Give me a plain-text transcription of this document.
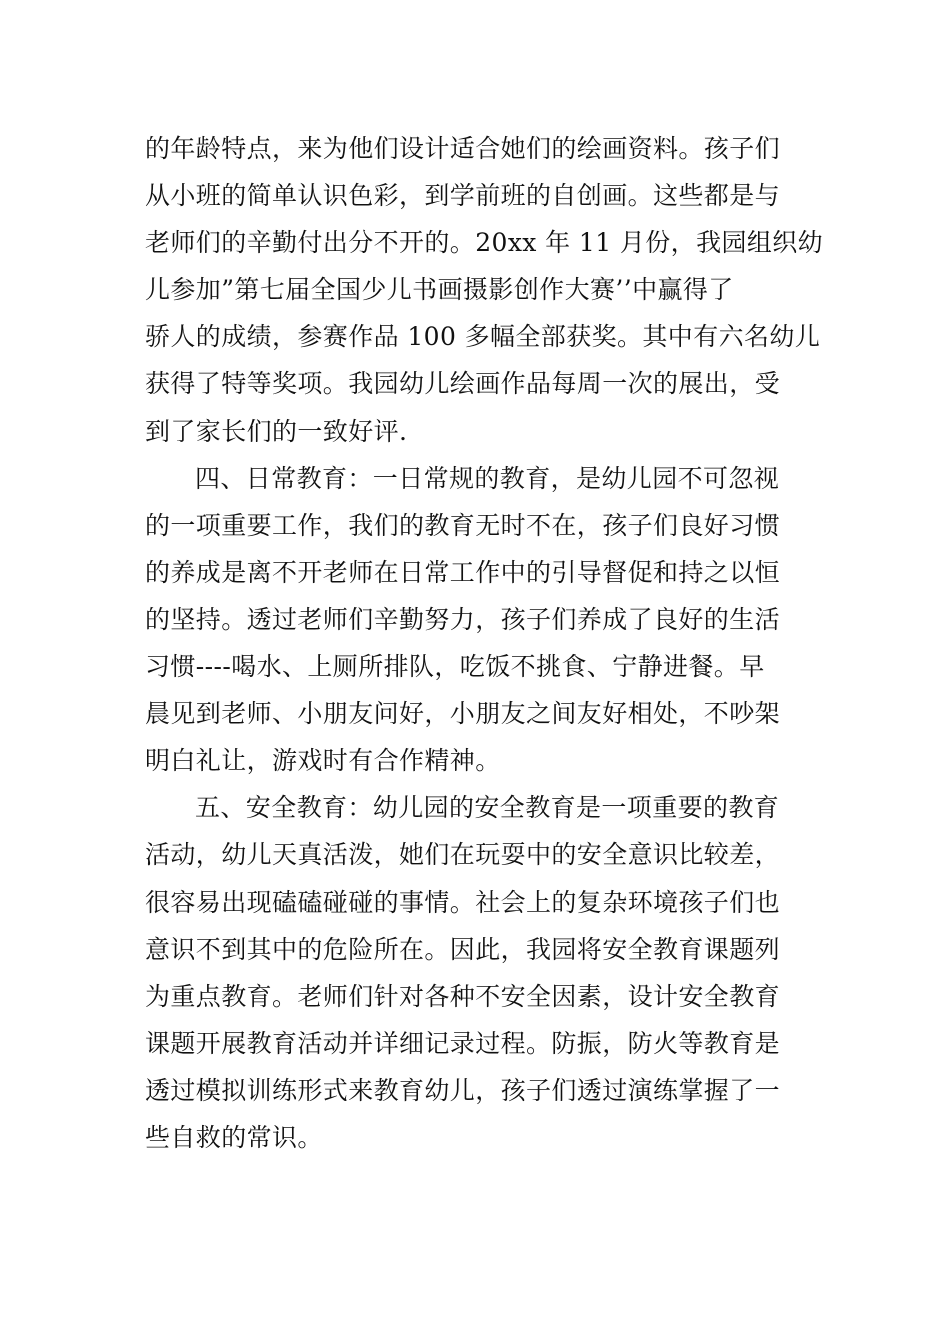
的年龄特点，来为他们设计适合她们的绘画资料。孩子们
从小班的简单认识色彩，到学前班的自创画。这些都是与
老师们的辛勤付出分不开的。20xx 年 11 月份，我园组织幼
儿参加”第七届全国少儿书画摄影创作大赛’’中赢得了
骄人的成绩，参赛作品 100 多幅全部获奖。其中有六名幼儿
获得了特等奖项。我园幼儿绘画作品每周一次的展出，受
到了家长们的一致好评.
四、日常教育：一日常规的教育，是幼儿园不可忽视
的一项重要工作，我们的教育无时不在，孩子们良好习惯
的养成是离不开老师在日常工作中的引导督促和持之以恒
的坚持。透过老师们辛勤努力，孩子们养成了良好的生活
习惯----喝水、上厕所排队，吃饭不挑食、宁静进餐。早
晨见到老师、小朋友问好，小朋友之间友好相处，不吵架
明白礼让，游戏时有合作精神。
五、安全教育：幼儿园的安全教育是一项重要的教育
活动，幼儿天真活泼，她们在玩耍中的安全意识比较差，
很容易出现磕磕碰碰的事情。社会上的复杂环境孩子们也
意识不到其中的危险所在。因此，我园将安全教育课题列
为重点教育。老师们针对各种不安全因素，设计安全教育
课题开展教育活动并详细记录过程。防振，防火等教育是
透过模拟训练形式来教育幼儿，孩子们透过演练掌握了一
些自救的常识。
